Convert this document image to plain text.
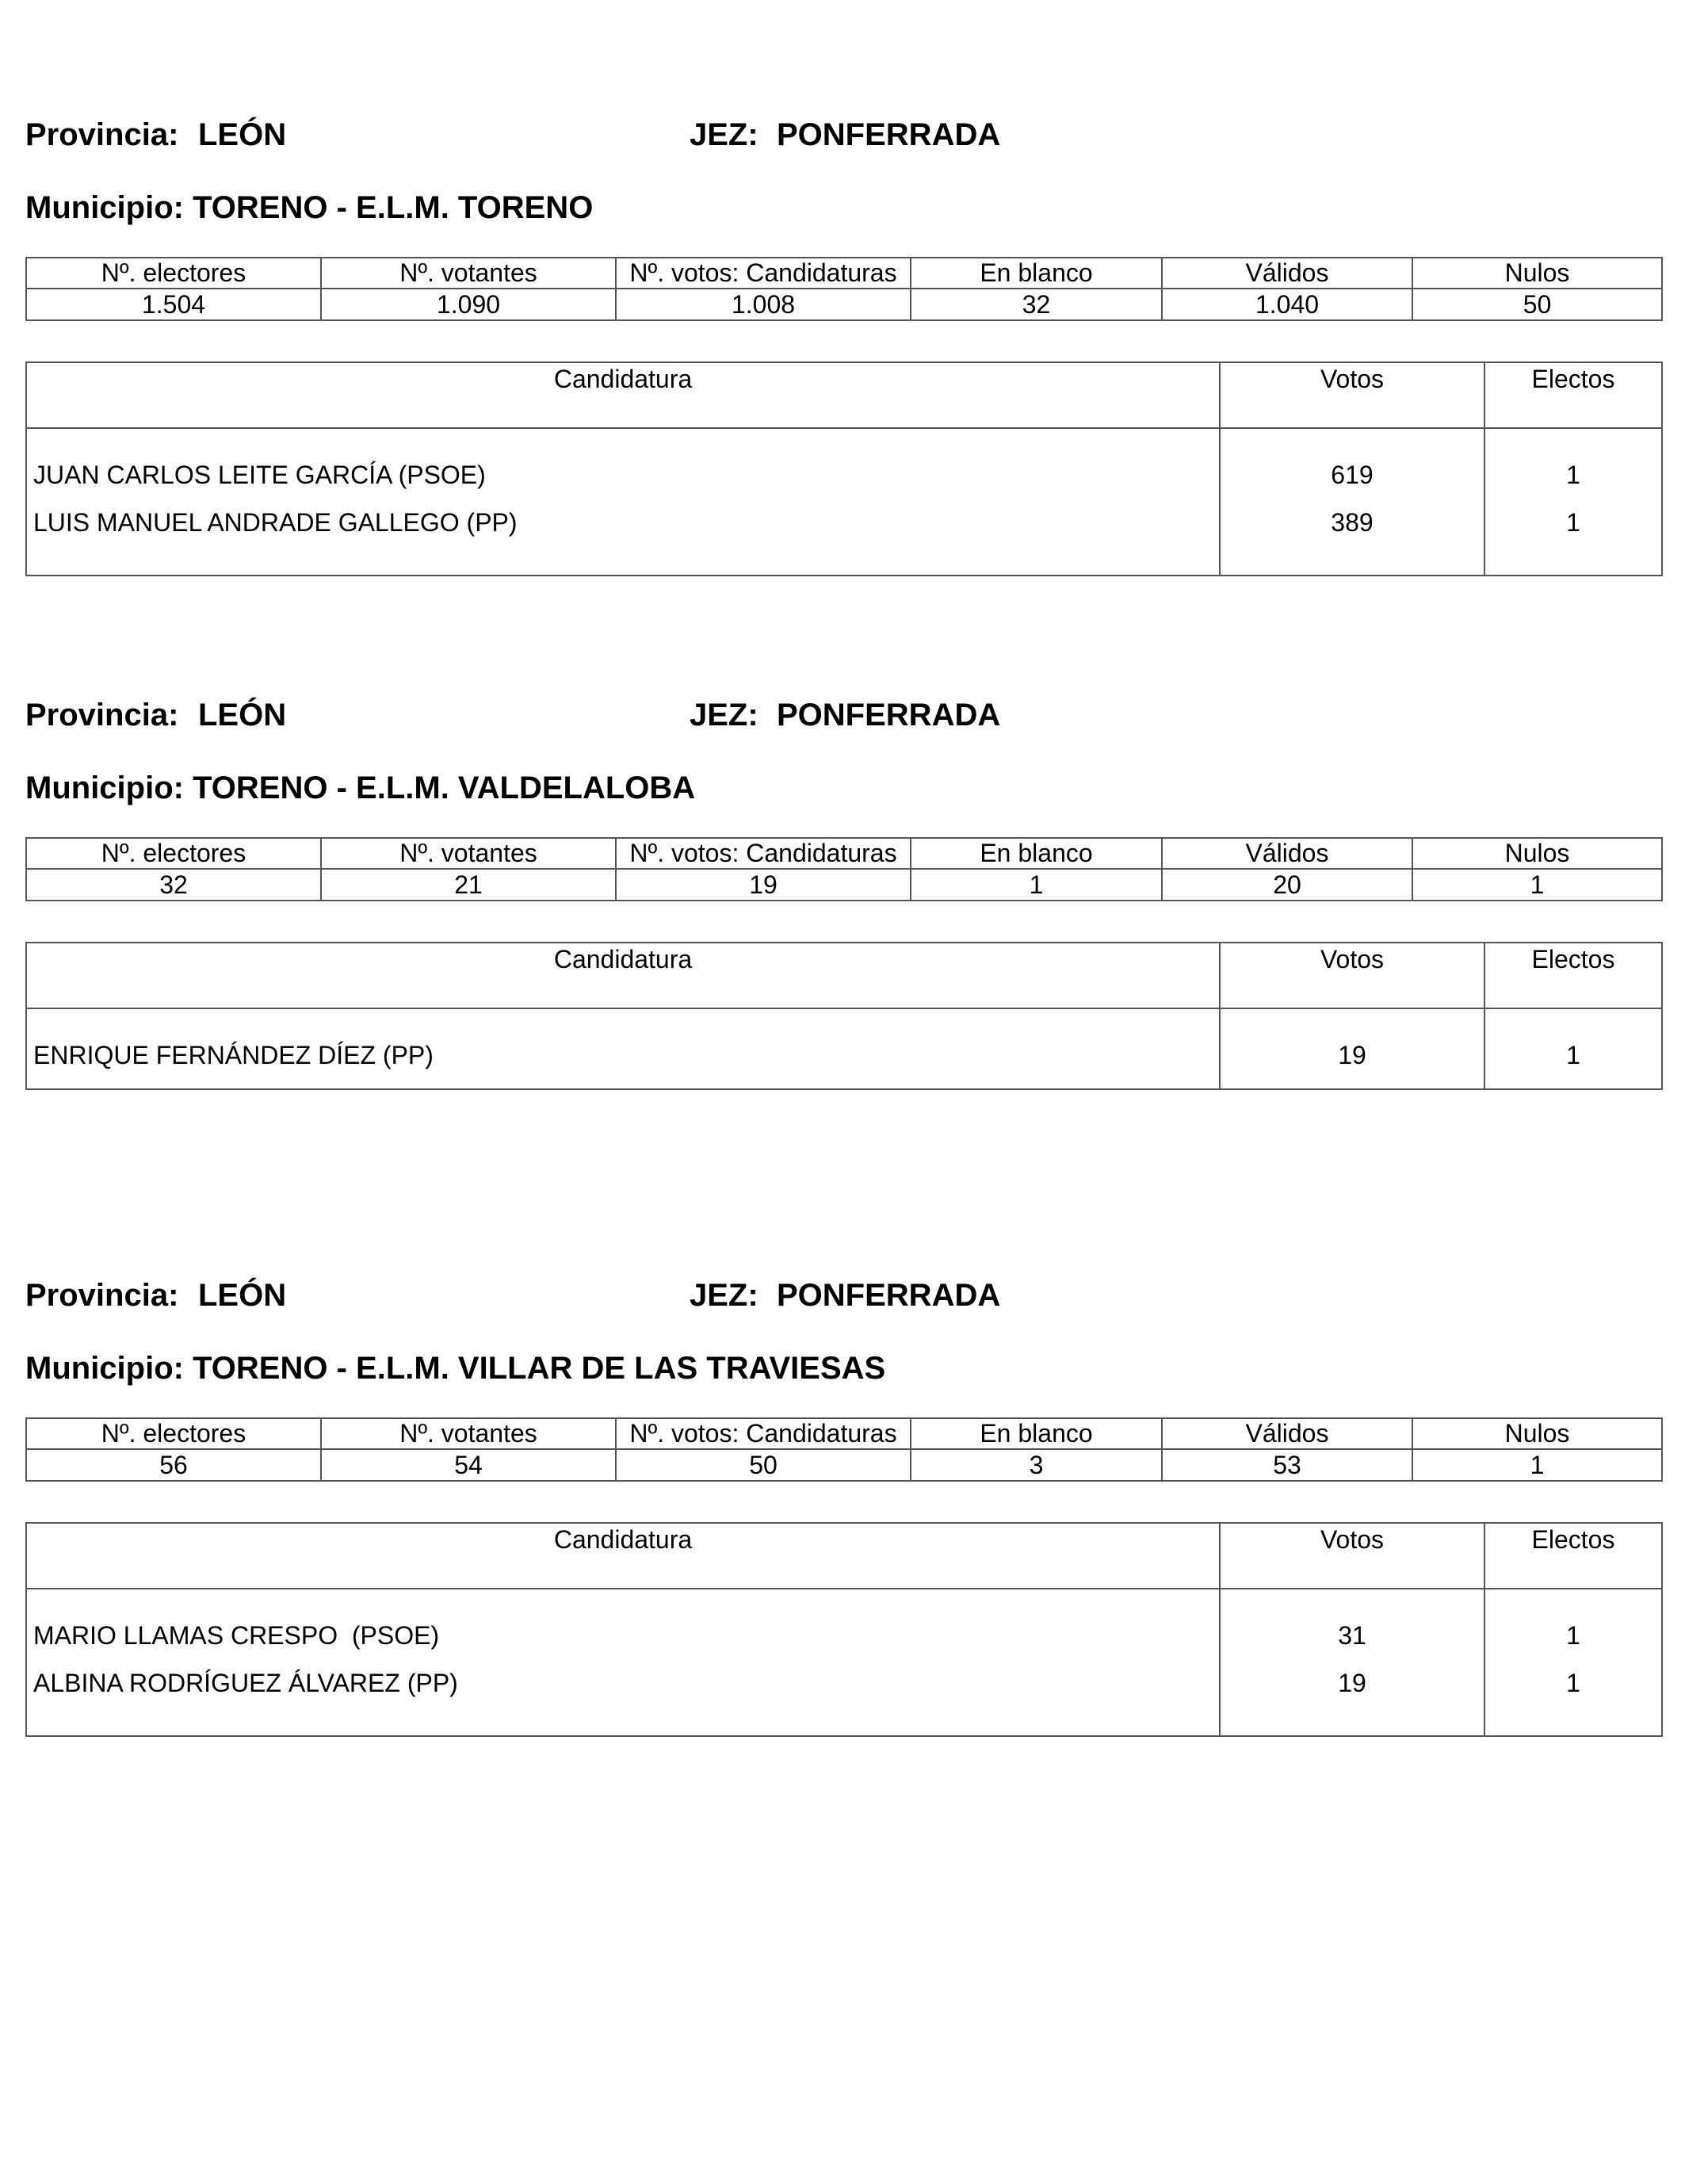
Provincia: LEÓN	JEZ: PONFERRADA
Municipio: TORENO - E.L.M. TORENO
Nº. electores	Nº. votantes	Nº. votos: Candidaturas	En blanco	Válidos	Nulos
1.504	1.090	1.008	32	1.040	50
Candidatura	Votos	Electos
JUAN CARLOS LEITE GARCÍA (PSOE)	619	1
LUIS MANUEL ANDRADE GALLEGO (PP)	389	1
Provincia: LEÓN	JEZ: PONFERRADA
Municipio: TORENO - E.L.M. VALDELALOBA
Nº. electores	Nº. votantes	Nº. votos: Candidaturas	En blanco	Válidos	Nulos
32	21	19	1	20	1
Candidatura	Votos	Electos
ENRIQUE FERNÁNDEZ DÍEZ (PP)	19	1
Provincia: LEÓN	JEZ: PONFERRADA
Municipio: TORENO - E.L.M. VILLAR DE LAS TRAVIESAS
Nº. electores	Nº. votantes	Nº. votos: Candidaturas	En blanco	Válidos	Nulos
56	54	50	3	53	1
Candidatura	Votos	Electos
MARIO LLAMAS CRESPO  (PSOE)	31	1
ALBINA RODRÍGUEZ ÁLVAREZ (PP)	19	1
